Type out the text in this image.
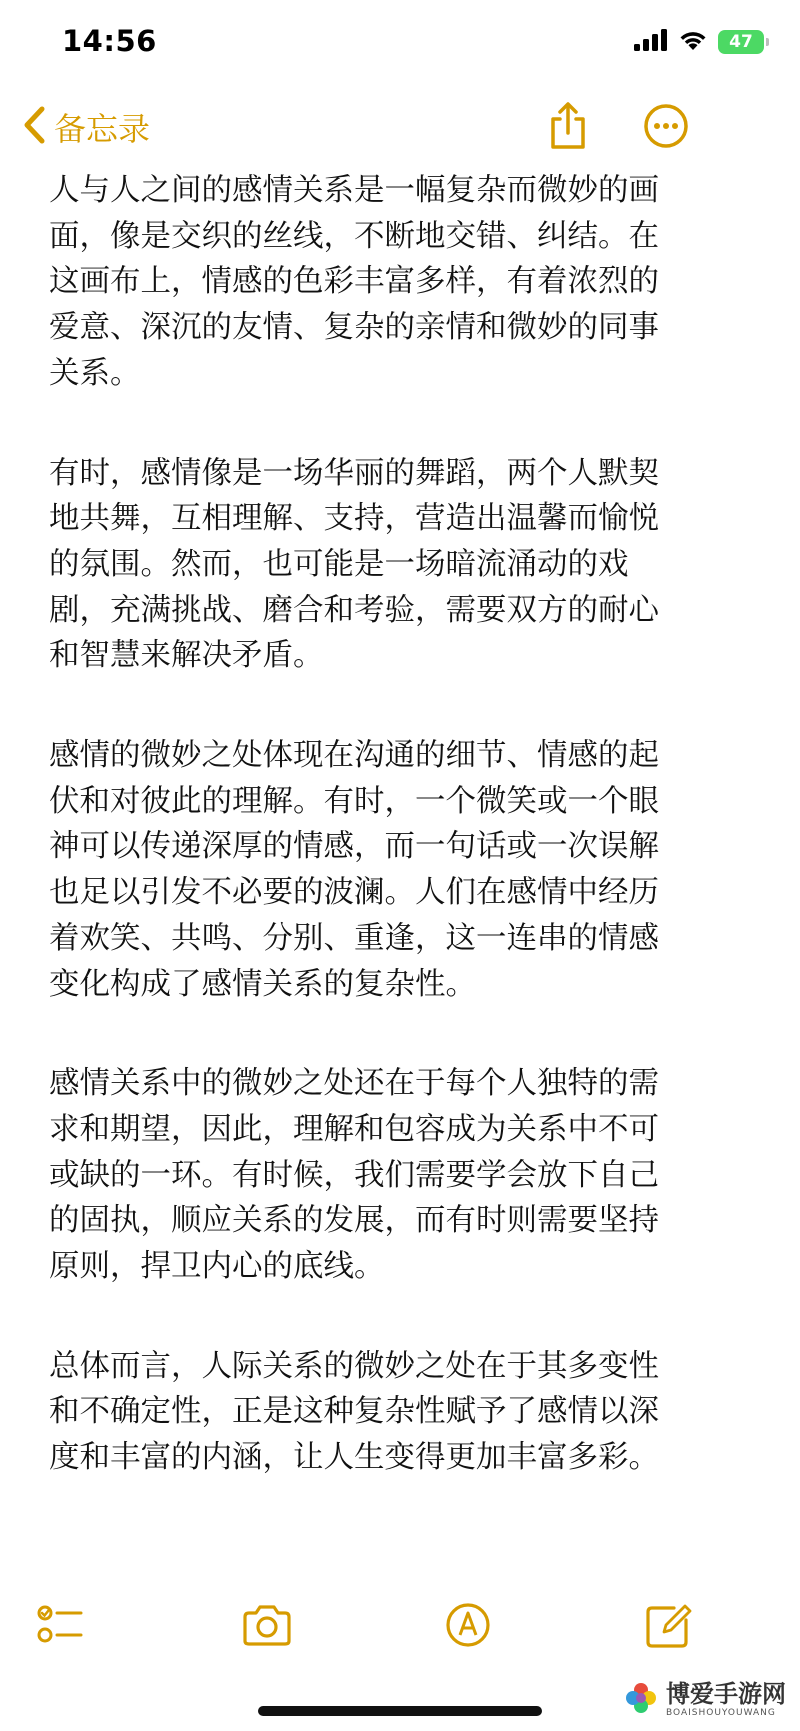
14:56	47
备忘录

人与人之间的感情关系是一幅复杂而微妙的画
面，像是交织的丝线，不断地交错、纠结。在
这画布上，情感的色彩丰富多样，有着浓烈的
爱意、深沉的友情、复杂的亲情和微妙的同事
关系。

有时，感情像是一场华丽的舞蹈，两个人默契
地共舞，互相理解、支持，营造出温馨而愉悦
的氛围。然而，也可能是一场暗流涌动的戏
剧，充满挑战、磨合和考验，需要双方的耐心
和智慧来解决矛盾。

感情的微妙之处体现在沟通的细节、情感的起
伏和对彼此的理解。有时，一个微笑或一个眼
神可以传递深厚的情感，而一句话或一次误解
也足以引发不必要的波澜。人们在感情中经历
着欢笑、共鸣、分别、重逢，这一连串的情感
变化构成了感情关系的复杂性。

感情关系中的微妙之处还在于每个人独特的需
求和期望，因此，理解和包容成为关系中不可
或缺的一环。有时候，我们需要学会放下自己
的固执，顺应关系的发展，而有时则需要坚持
原则，捍卫内心的底线。

总体而言，人际关系的微妙之处在于其多变性
和不确定性，正是这种复杂性赋予了感情以深
度和丰富的内涵，让人生变得更加丰富多彩。

博爱手游网
BOAISHOUYOUWANG
